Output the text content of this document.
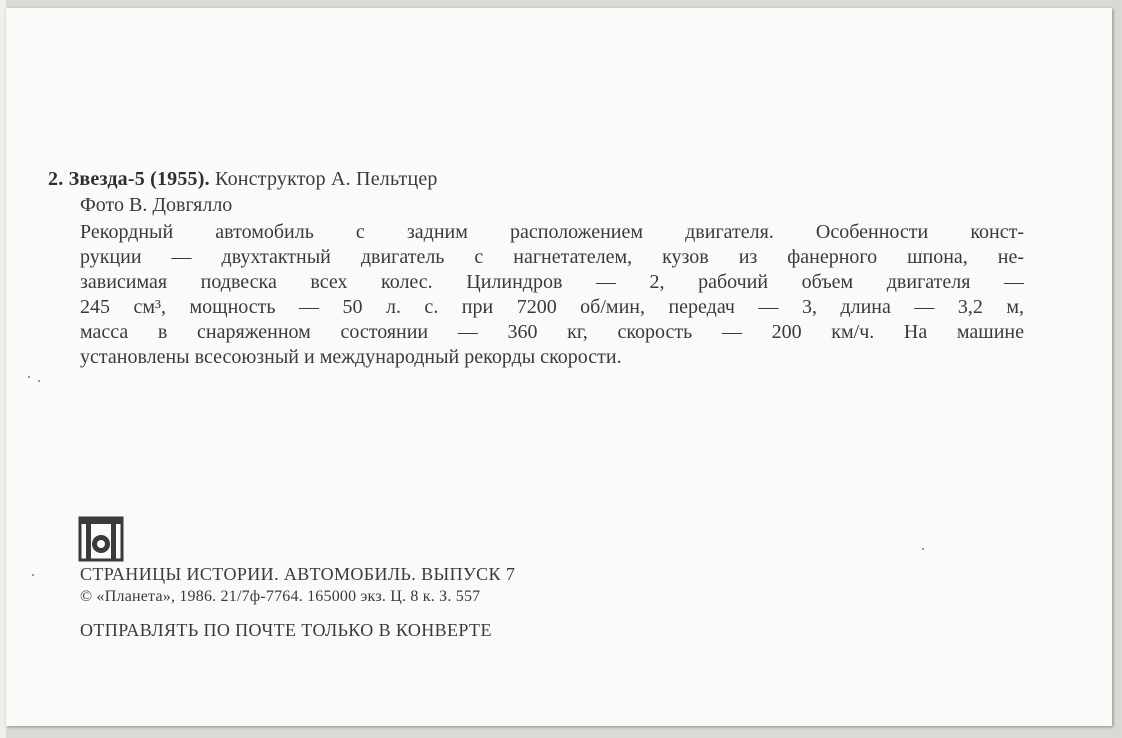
2. Звезда-5 (1955). Конструктор А. Пельтцер
Фото В. Довгялло
Рекордный автомобиль с задним расположением двигателя. Особенности конст-
рукции — двухтактный двигатель с нагнетателем, кузов из фанерного шпона, не-
зависимая подвеска всех колес. Цилиндров — 2, рабочий объем двигателя —
245 см³, мощность — 50 л. с. при 7200 об/мин, передач — 3, длина — 3,2 м,
масса в снаряженном состоянии — 360 кг, скорость — 200 км/ч. На машине
установлены всесоюзный и международный рекорды скорости.
СТРАНИЦЫ ИСТОРИИ. АВТОМОБИЛЬ. ВЫПУСК 7
© «Планета», 1986. 21/7ф-7764. 165000 экз. Ц. 8 к. З. 557
ОТПРАВЛЯТЬ ПО ПОЧТЕ ТОЛЬКО В КОНВЕРТЕ
